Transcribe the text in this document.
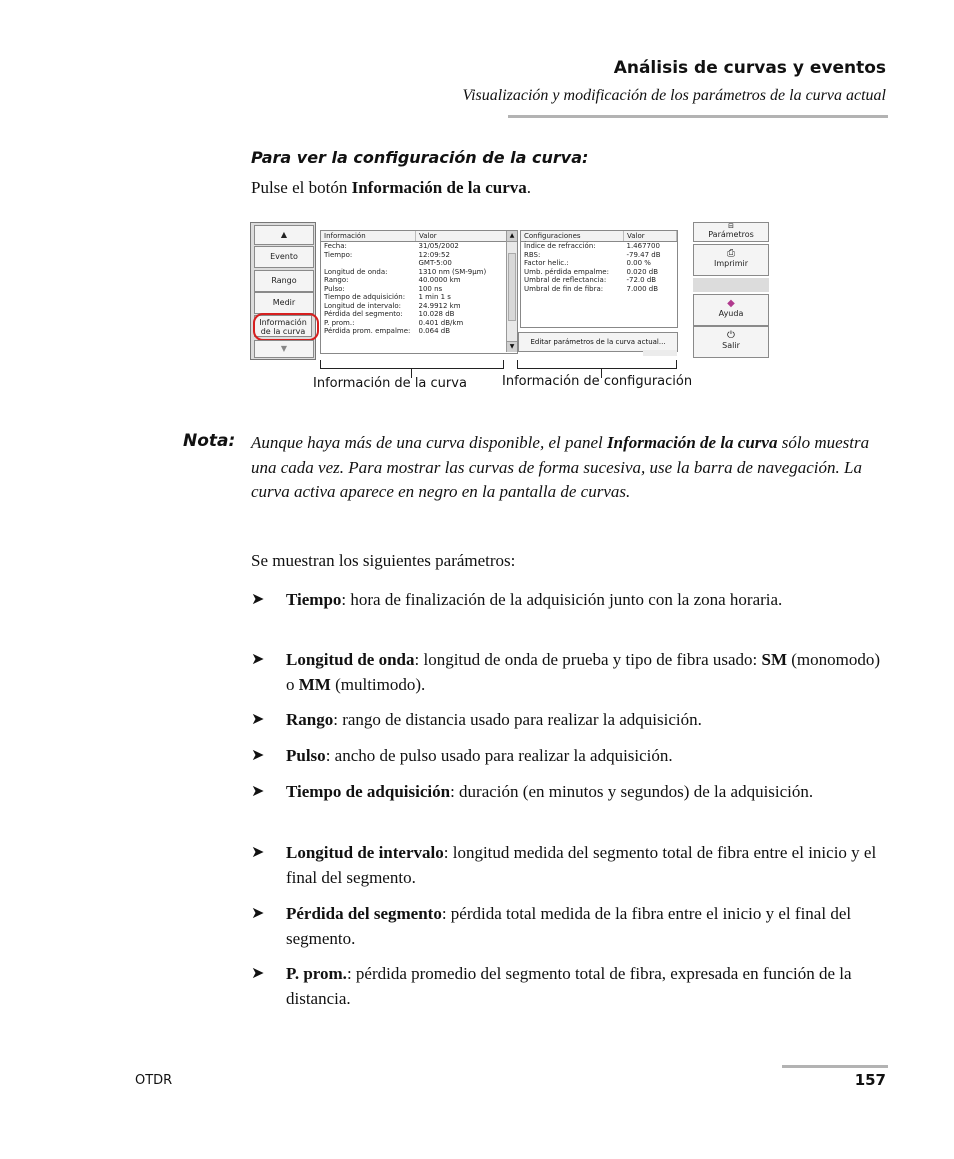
Análisis de curvas y eventos
Visualización y modificación de los parámetros de la curva actual
Para ver la configuración de la curva:
Pulse el botón Información de la curva.
▲
Evento
Rango
Medir
Información
de la curva
▼
Información	Valor
Fecha:	31/05/2002
Tiempo:	12:09:52
	GMT-5:00
Longitud de onda:	1310 nm (SM-9µm)
Rango:	40.0000 km
Pulso:	100 ns
Tiempo de adquisición:	1 min 1 s
Longitud de intervalo:	24.9912 km
Pérdida del segmento:	10.028 dB
P. prom.:	0.401 dB/km
Pérdida prom. empalme:	0.064 dB
▲
▼
Configuraciones	Valor
Índice de refracción:	1.467700
RBS:	-79.47 dB
Factor helic.:	0.00 %
Umb. pérdida empalme:	0.020 dB
Umbral de reflectancia:	-72.0 dB
Umbral de fin de fibra:	7.000 dB
Editar parámetros de la curva actual...
⊟
Parámetros
⎙
Imprimir
◆
Ayuda
⏻
Salir
Información de la curva	Información de configuración
Nota: Aunque haya más de una curva disponible, el panel Información de la curva sólo muestra una cada vez. Para mostrar las curvas de forma sucesiva, use la barra de navegación. La curva activa aparece en negro en la pantalla de curvas.
Se muestran los siguientes parámetros:
➤ Tiempo: hora de finalización de la adquisición junto con la zona horaria.
➤ Longitud de onda: longitud de onda de prueba y tipo de fibra usado: SM (monomodo) o MM (multimodo).
➤ Rango: rango de distancia usado para realizar la adquisición.
➤ Pulso: ancho de pulso usado para realizar la adquisición.
➤ Tiempo de adquisición: duración (en minutos y segundos) de la adquisición.
➤ Longitud de intervalo: longitud medida del segmento total de fibra entre el inicio y el final del segmento.
➤ Pérdida del segmento: pérdida total medida de la fibra entre el inicio y el final del segmento.
➤ P. prom.: pérdida promedio del segmento total de fibra, expresada en función de la distancia.
OTDR	157
